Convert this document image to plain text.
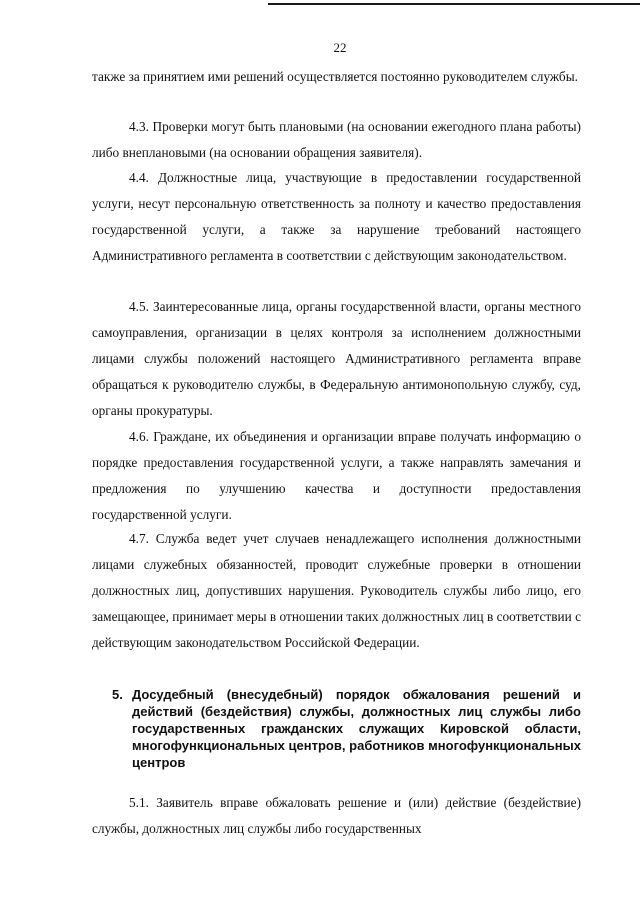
22

также за принятием ими решений осуществляется постоянно руководителем службы.

4.3. Проверки могут быть плановыми (на основании ежегодного плана работы) либо внеплановыми (на основании обращения заявителя).

4.4. Должностные лица, участвующие в предоставлении государственной услуги, несут персональную ответственность за полноту и качество предоставления государственной услуги, а также за нарушение требований настоящего Административного регламента в соответствии с действующим законодательством.

4.5. Заинтересованные лица, органы государственной власти, органы местного самоуправления, организации в целях контроля за исполнением должностными лицами службы положений настоящего Административного регламента вправе обращаться к руководителю службы, в Федеральную антимонопольную службу, суд, органы прокуратуры.

4.6. Граждане, их объединения и организации вправе получать информацию о порядке предоставления государственной услуги, а также направлять замечания и предложения по улучшению качества и доступности предоставления государственной услуги.

4.7. Служба ведет учет случаев ненадлежащего исполнения должностными лицами служебных обязанностей, проводит служебные проверки в отношении должностных лиц, допустивших нарушения. Руководитель службы либо лицо, его замещающее, принимает меры в отношении таких должностных лиц в соответствии с действующим законодательством Российской Федерации.

5. Досудебный (внесудебный) порядок обжалования решений и действий (бездействия) службы, должностных лиц службы либо государственных гражданских служащих Кировской области, многофункциональных центров, работников многофункциональных центров

5.1. Заявитель вправе обжаловать решение и (или) действие (бездействие) службы, должностных лиц службы либо государственных
